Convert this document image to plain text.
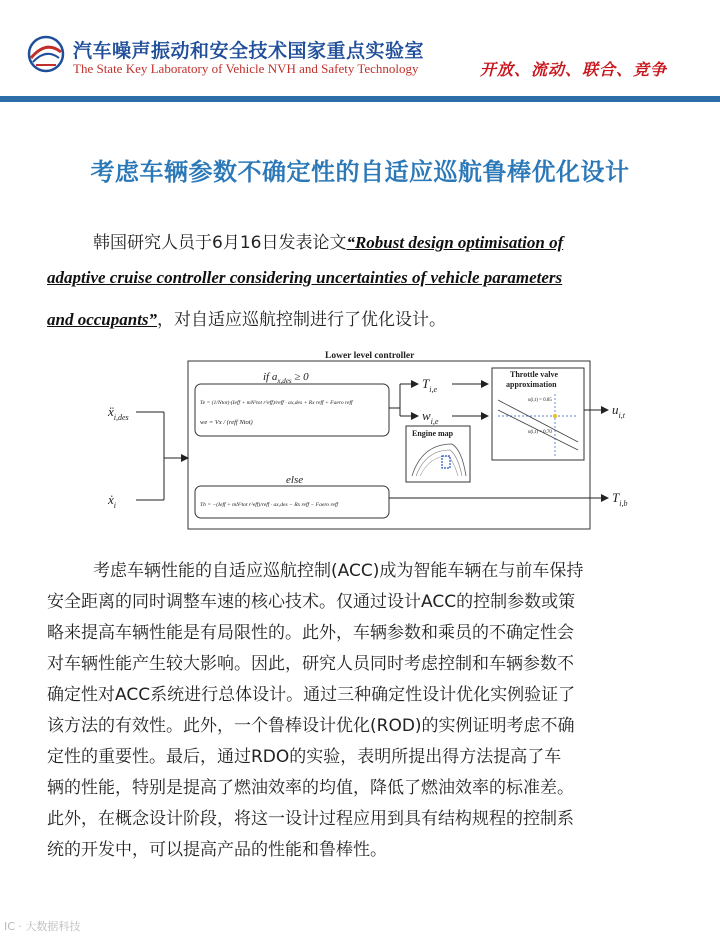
汽车噪声振动和安全技术国家重点实验室
The State Key Laboratory of Vehicle NVH and Safety Technology	开放、流动、联合、竞争
考虑车辆参数不确定性的自适应巡航鲁棒优化设计
韩国研究人员于6月16日发表论文“Robust design optimisation of
adaptive cruise controller considering uncertainties of vehicle parameters
and occupants”，对自适应巡航控制进行了优化设计。
Lower level controller
if $a_{x,des} \ge 0$
Te = (1/Ntot)·(Ieff + mN²tot r²eff)/reff · ax,des + Rx reff + Faero reff
we = Vx / (reff Ntot)
else
Tb = −(Ieff + mN²tot r²eff)/reff · ax,des − Rx reff − Faero reff
ẍ$_{i,des}$
ẋ$_i$
$T_{i,e}$
$w_{i,e}$
Engine map
Throttle valve
approximation
u(i,t) = 0.85
u(i,t) = 0.70
$u_{i,t}$
$T_{i,b}$
考虑车辆性能的自适应巡航控制(ACC)成为智能车辆在与前车保持
安全距离的同时调整车速的核心技术。仅通过设计ACC的控制参数或策
略来提高车辆性能是有局限性的。此外，车辆参数和乘员的不确定性会
对车辆性能产生较大影响。因此，研究人员同时考虑控制和车辆参数不
确定性对ACC系统进行总体设计。通过三种确定性设计优化实例验证了
该方法的有效性。此外，一个鲁棒设计优化(ROD)的实例证明考虑不确
定性的重要性。最后，通过RDO的实验，表明所提出得方法提高了车
辆的性能，特别是提高了燃油效率的均值，降低了燃油效率的标准差。
此外，在概念设计阶段，将这一设计过程应用到具有结构规程的控制系
统的开发中，可以提高产品的性能和鲁棒性。
IC · 大数据科技
